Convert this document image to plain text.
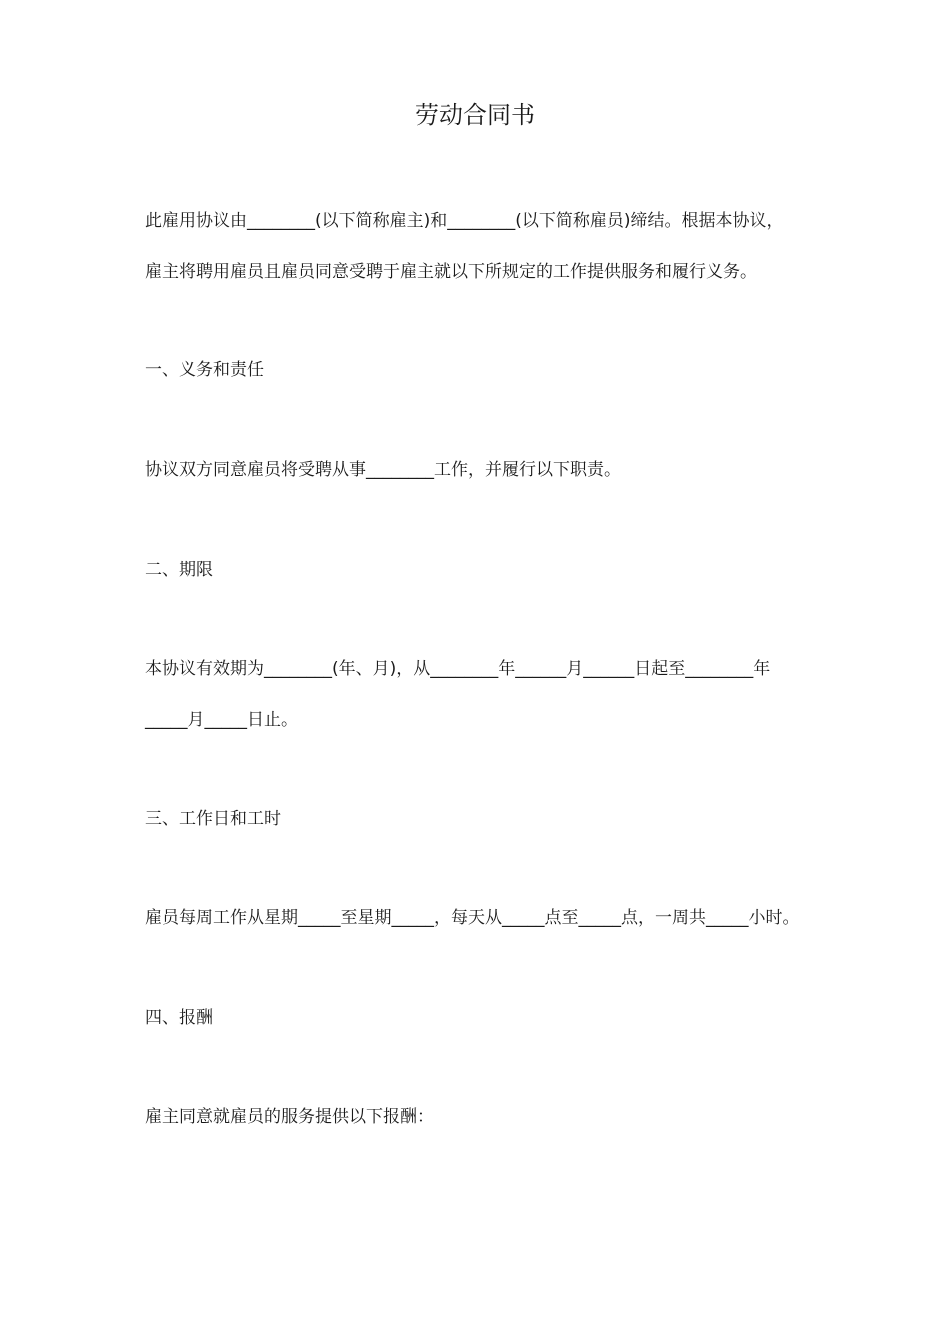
劳动合同书
此雇用协议由________(以下简称雇主)和________(以下简称雇员)缔结。根据本协议，
雇主将聘用雇员且雇员同意受聘于雇主就以下所规定的工作提供服务和履行义务。
一、义务和责任
协议双方同意雇员将受聘从事________工作，并履行以下职责。
二、期限
本协议有效期为________(年、月)，从________年______月______日起至________年
_____月_____日止。
三、工作日和工时
雇员每周工作从星期_____至星期_____，每天从_____点至_____点，一周共_____小时。
四、报酬
雇主同意就雇员的服务提供以下报酬：
